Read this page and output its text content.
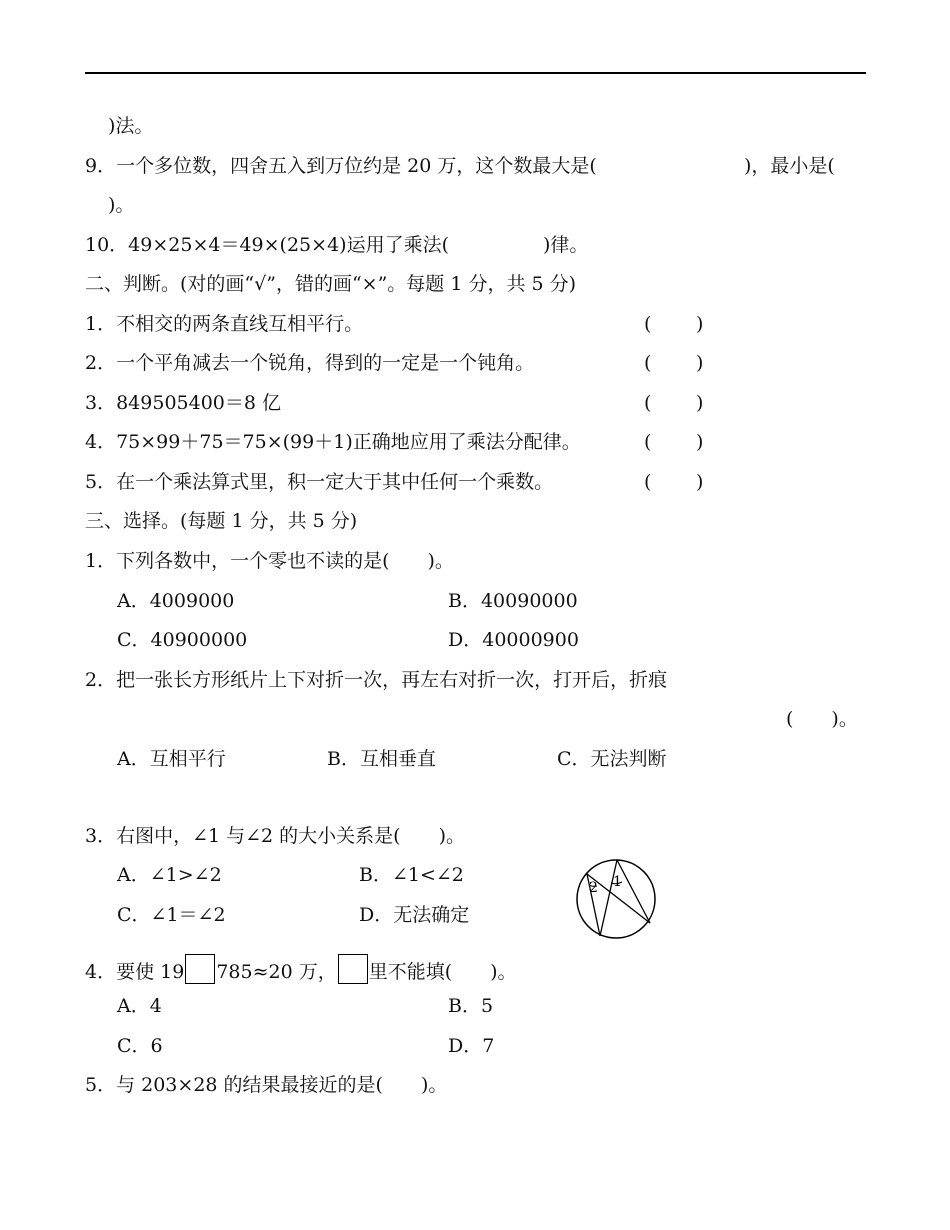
)法。
9．一个多位数，四舍五入到万位约是 20 万，这个数最大是(	)，最小是(
)。
10．49×25×4＝49×(25×4)运用了乘法(	)律。
二、判断。(对的画“√”，错的画“×”。每题 1 分，共 5 分)
1．不相交的两条直线互相平行。	( )
2．一个平角减去一个锐角，得到的一定是一个钝角。	( )
3．849505400＝8 亿	( )
4．75×99＋75＝75×(99＋1)正确地应用了乘法分配律。	( )
5．在一个乘法算式里，积一定大于其中任何一个乘数。	( )
三、选择。(每题 1 分，共 5 分)
1．下列各数中，一个零也不读的是(　　)。
A．4009000	B．40090000
C．40900000	D．40000900
2．把一张长方形纸片上下对折一次，再左右对折一次，打开后，折痕
(　　)。
A．互相平行	B．互相垂直	C．无法判断
3．右图中，∠1 与∠2 的大小关系是(　　)。
A．∠1>∠2	B．∠1<∠2
C．∠1＝∠2	D．无法确定
1
2
4．要使 19 785≈20 万， 里不能填(　　)。
A．4	B．5
C．6	D．7
5．与 203×28 的结果最接近的是(　　)。
